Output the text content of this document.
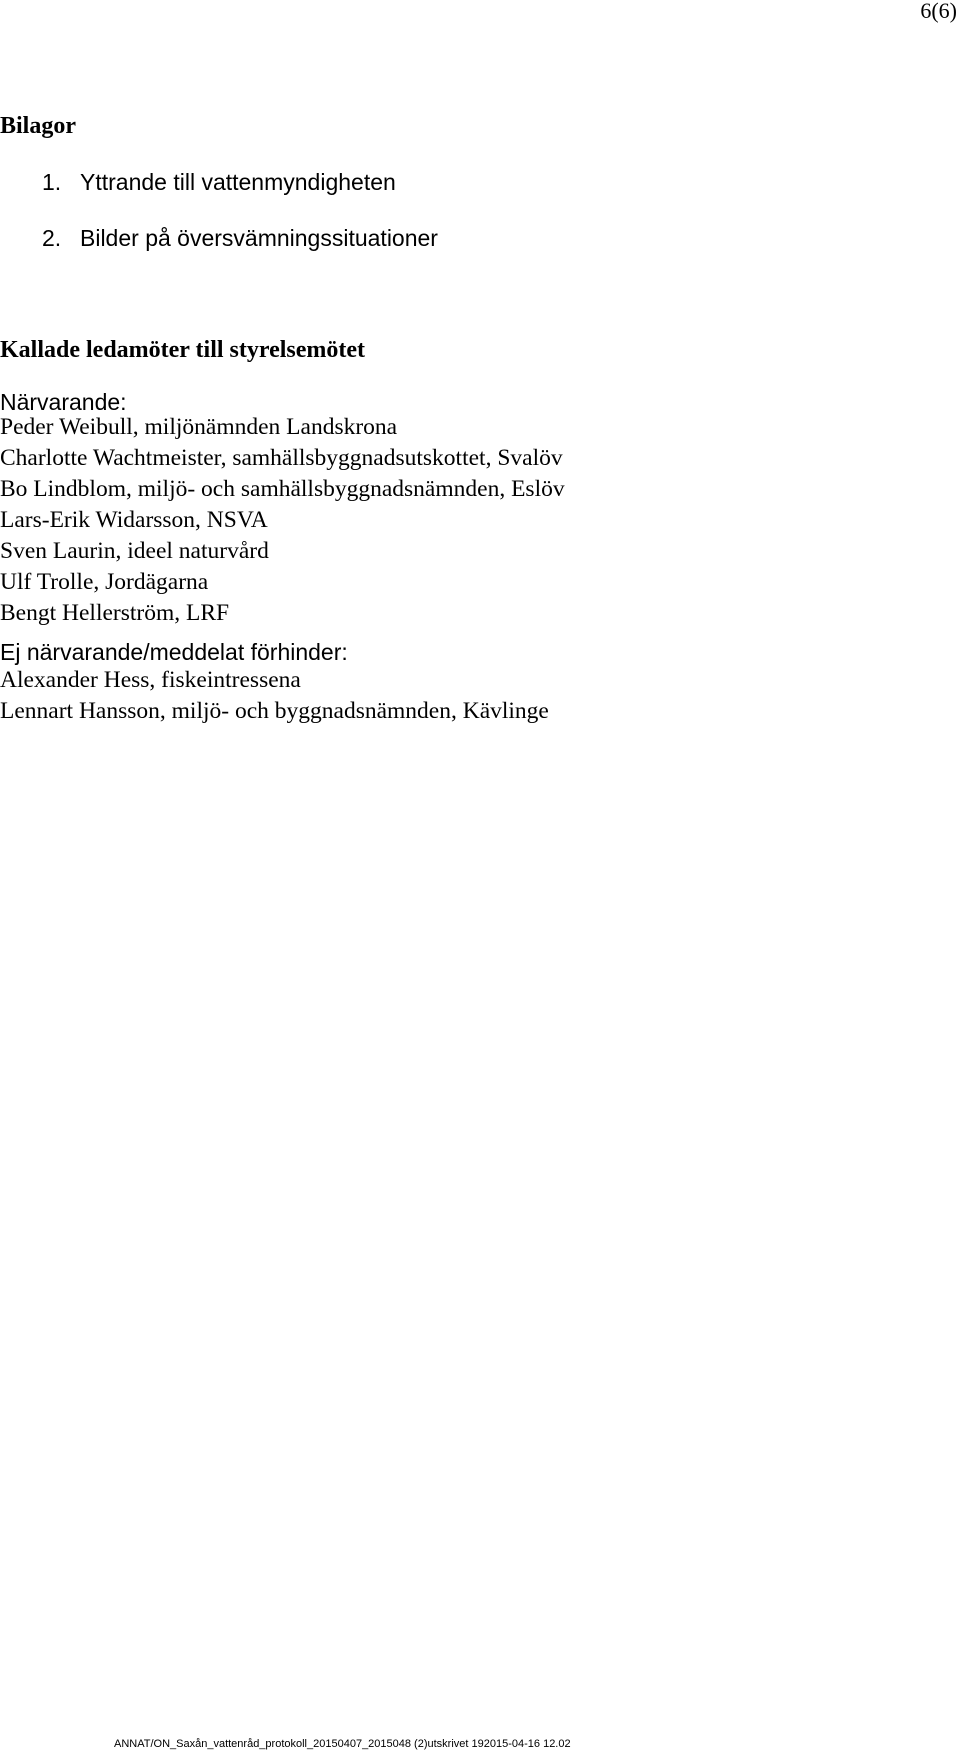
6(6)
Bilagor
1. Yttrande till vattenmyndigheten
2. Bilder på översvämningssituationer
Kallade ledamöter till styrelsemötet
Närvarande:
Peder Weibull, miljönämnden Landskrona
Charlotte Wachtmeister, samhällsbyggnadsutskottet, Svalöv
Bo Lindblom, miljö- och samhällsbyggnadsnämnden, Eslöv
Lars-Erik Widarsson, NSVA
Sven Laurin, ideel naturvård
Ulf Trolle, Jordägarna
Bengt Hellerström, LRF
Ej närvarande/meddelat förhinder:
Alexander Hess, fiskeintressena
Lennart Hansson, miljö- och byggnadsnämnden, Kävlinge
ANNAT/ON_Saxån_vattenråd_protokoll_20150407_2015048 (2)utskrivet 192015-04-16 12.02
